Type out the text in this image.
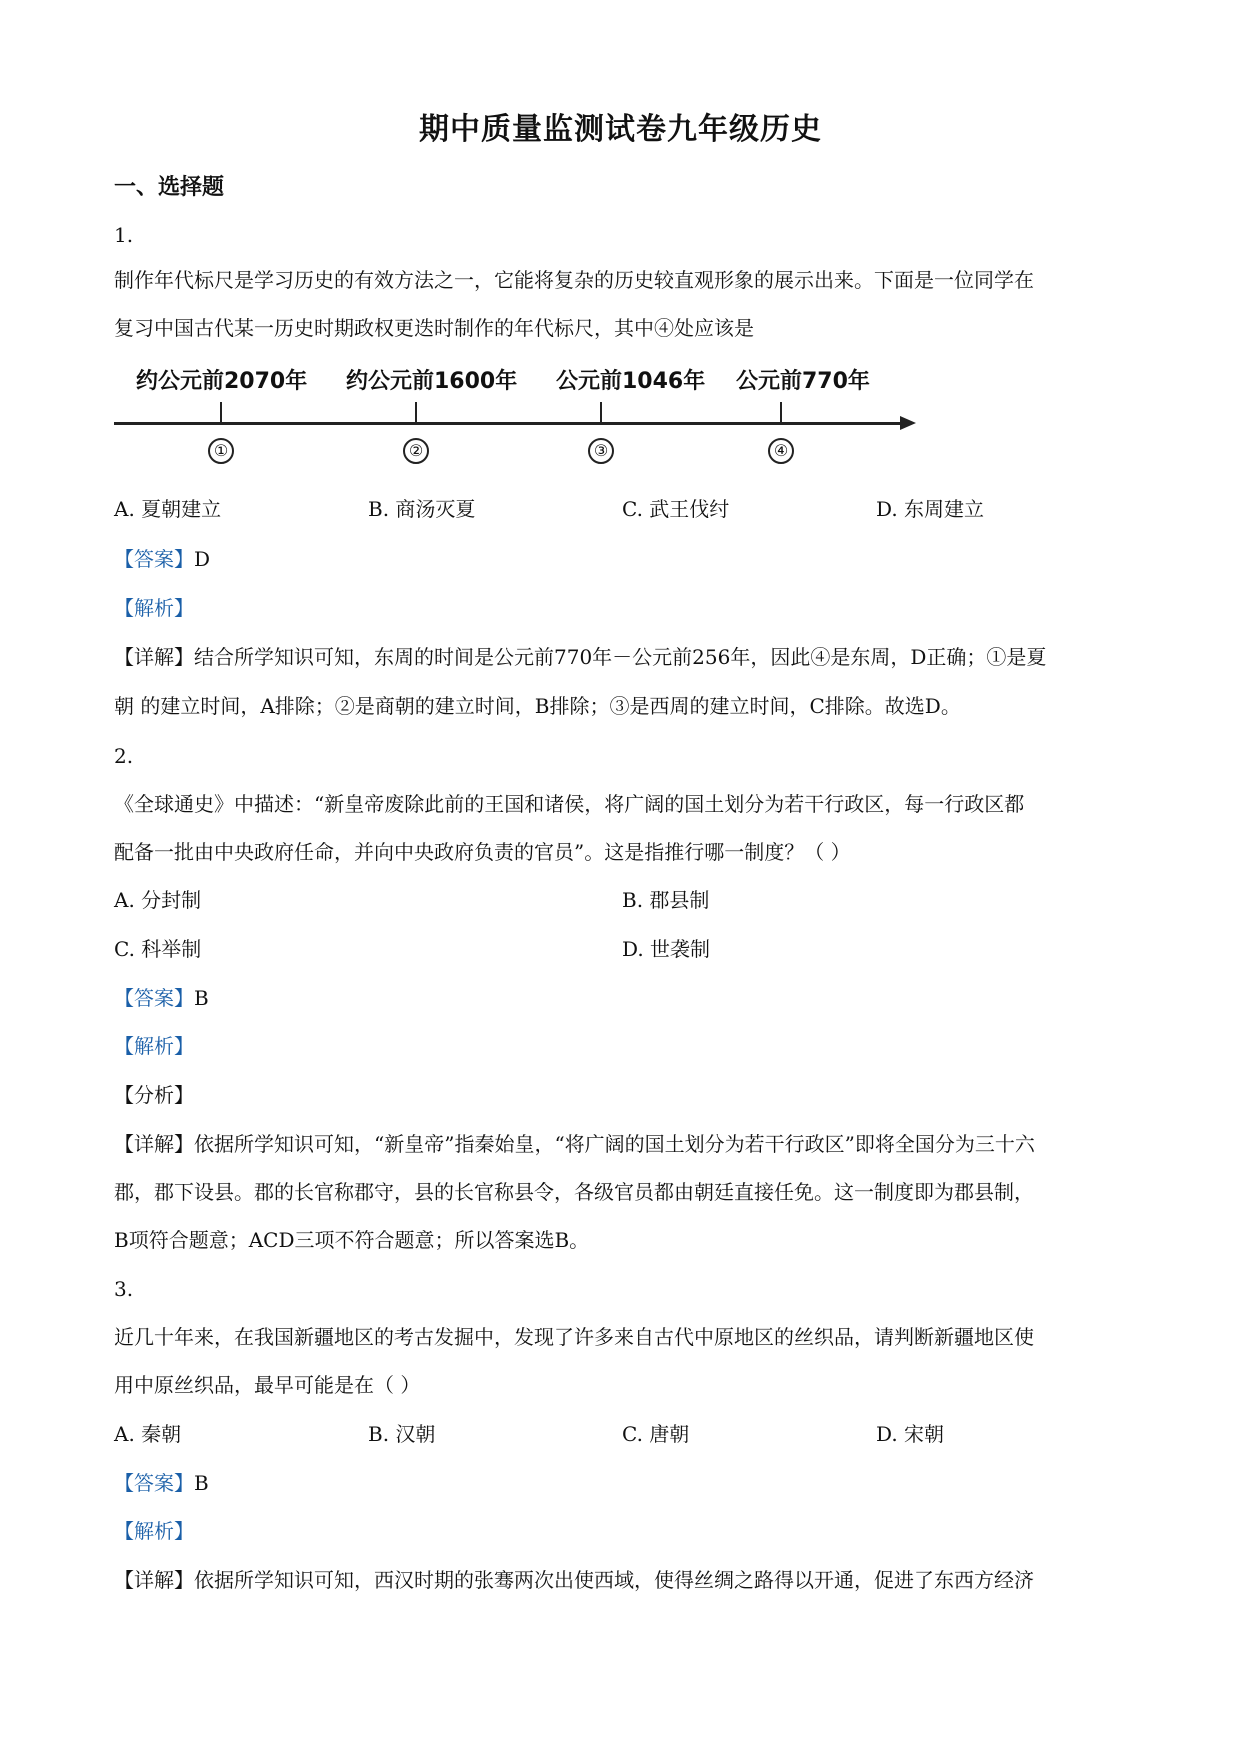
期中质量监测试卷九年级历史
一、选择题
1.
制作年代标尺是学习历史的有效方法之一，它能将复杂的历史较直观形象的展示出来。下面是一位同学在
复习中国古代某一历史时期政权更迭时制作的年代标尺，其中④处应该是
约公元前2070年 约公元前1600年 公元前1046年 公元前770年
①	②	③	④
A. 夏朝建立	B. 商汤灭夏	C. 武王伐纣	D. 东周建立
【答案】D
【解析】
【详解】结合所学知识可知，东周的时间是公元前770年－公元前256年，因此④是东周，D正确；①是夏
朝 的建立时间，A排除；②是商朝的建立时间，B排除；③是西周的建立时间，C排除。故选D。
2.
《全球通史》中描述：“新皇帝废除此前的王国和诸侯，将广阔的国土划分为若干行政区，每一行政区都
配备一批由中央政府任命，并向中央政府负责的官员”。这是指推行哪一制度？（ ）
A. 分封制	B. 郡县制
C. 科举制	D. 世袭制
【答案】B
【解析】
【分析】
【详解】依据所学知识可知，“新皇帝”指秦始皇，“将广阔的国土划分为若干行政区”即将全国分为三十六
郡，郡下设县。郡的长官称郡守，县的长官称县令，各级官员都由朝廷直接任免。这一制度即为郡县制，
B项符合题意；ACD三项不符合题意；所以答案选B。
3.
近几十年来，在我国新疆地区的考古发掘中，发现了许多来自古代中原地区的丝织品，请判断新疆地区使
用中原丝织品，最早可能是在（ ）
A. 秦朝	B. 汉朝	C. 唐朝	D. 宋朝
【答案】B
【解析】
【详解】依据所学知识可知，西汉时期的张骞两次出使西域，使得丝绸之路得以开通，促进了东西方经济
